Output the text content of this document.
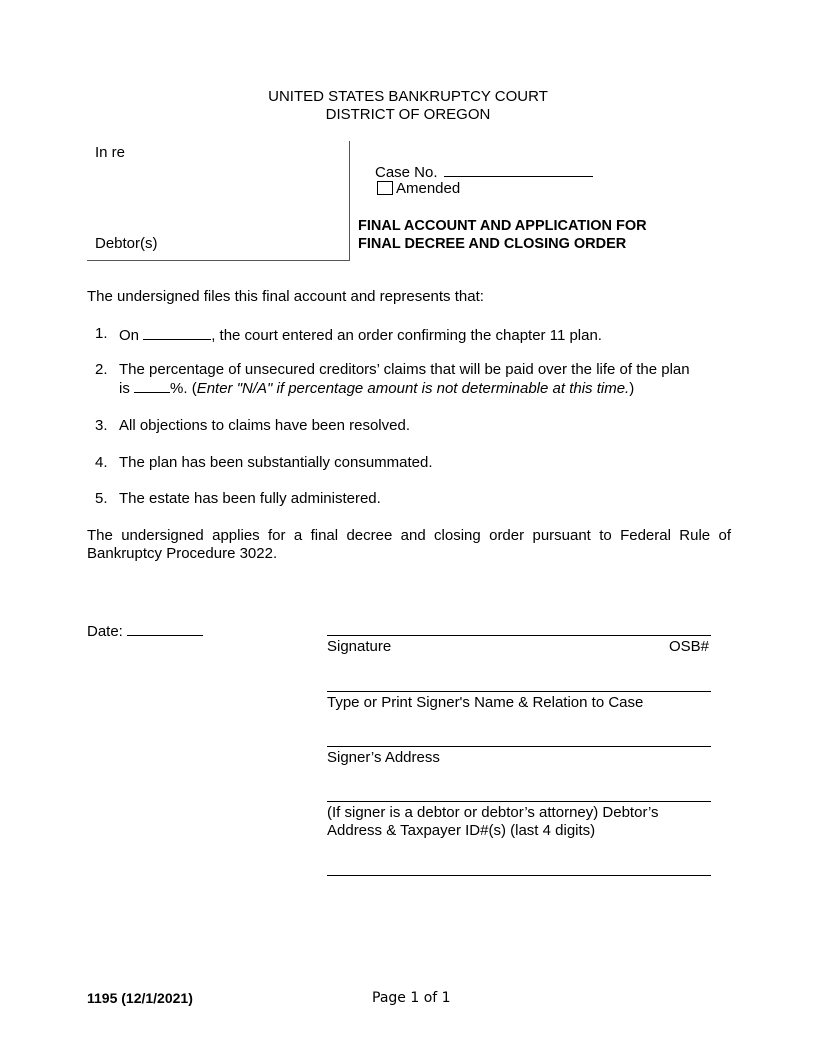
UNITED STATES BANKRUPTCY COURT
DISTRICT OF OREGON
In re
Debtor(s)
Case No.
Amended
FINAL ACCOUNT AND APPLICATION FOR
FINAL DECREE AND CLOSING ORDER
The undersigned files this final account and represents that:
1. On	, the court entered an order confirming the chapter 11 plan.
2. The percentage of unsecured creditors’ claims that will be paid over the life of the plan
is	%. (Enter "N/A" if percentage amount is not determinable at this time.)
3. All objections to claims have been resolved.
4. The plan has been substantially consummated.
5. The estate has been fully administered.
The undersigned applies for a final decree and closing order pursuant to Federal Rule of Bankruptcy Procedure 3022.
Date:
Signature	OSB#
Type or Print Signer's Name & Relation to Case
Signer’s Address
(If signer is a debtor or debtor’s attorney) Debtor’s
Address & Taxpayer ID#(s) (last 4 digits)
1195 (12/1/2021)	Page 1 of 1
